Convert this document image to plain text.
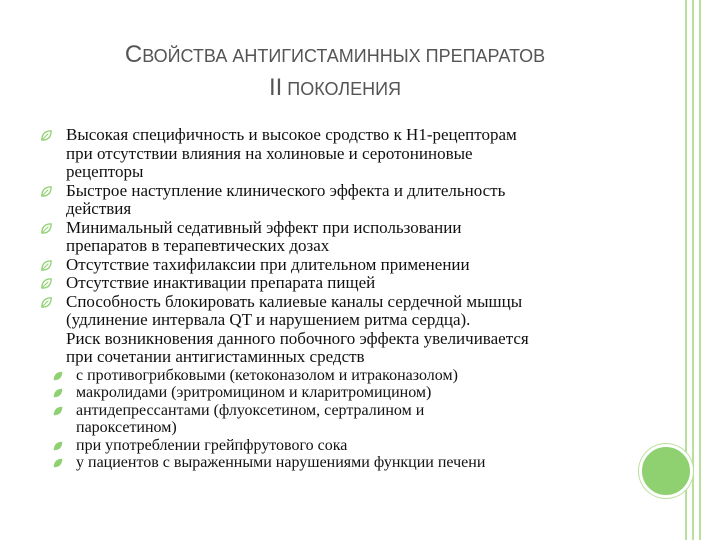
СВОЙСТВА АНТИГИСТАМИННЫХ ПРЕПАРАТОВ
II ПОКОЛЕНИЯ
Высокая специфичность и высокое сродство к Н1-рецепторам
при отсутствии влияния на холиновые и серотониновые
рецепторы
Быстрое наступление клинического эффекта и длительность
действия
Минимальный седативный эффект при использовании
препаратов в терапевтических дозах
Отсутствие тахифилаксии при длительном применении
Отсутствие инактивации препарата пищей
Способность блокировать калиевые каналы сердечной мышцы
(удлинение интервала QT и нарушением ритма сердца).
Риск возникновения данного побочного эффекта увеличивается
при сочетании антигистаминных средств
с противогрибковыми (кетоконазолом и итраконазолом)
макролидами (эритромицином и кларитромицином)
антидепрессантами (флуоксетином, сертралином и
пароксетином)
при употреблении грейпфрутового сока
у пациентов с выраженными нарушениями функции печени
